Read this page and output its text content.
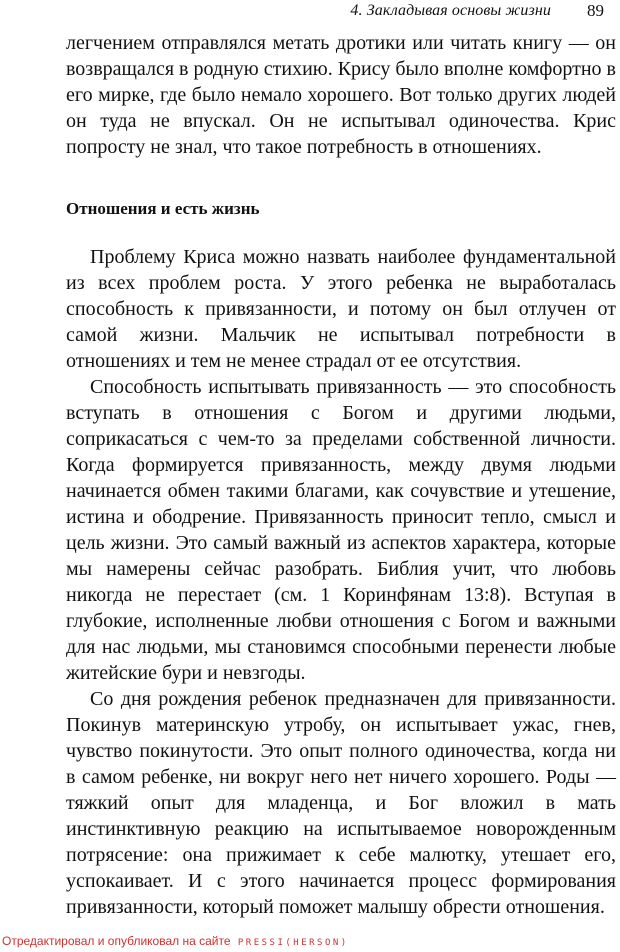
4. Закладывая основы жизни 89

легчением отправлялся метать дротики или читать книгу — он возвращался в родную стихию. Крису было вполне комфортно в его мирке, где было немало хорошего. Вот только других людей он туда не впускал. Он не испытывал одиночества. Крис попросту не знал, что такое потребность в отношениях.

Отношения и есть жизнь

Проблему Криса можно назвать наиболее фундаментальной из всех проблем роста. У этого ребенка не выработалась способность к привязанности, и потому он был отлучен от самой жизни. Мальчик не испытывал потребности в отношениях и тем не менее страдал от ее отсутствия.

Способность испытывать привязанность — это способность вступать в отношения с Богом и другими людьми, соприкасаться с чем-то за пределами собственной личности. Когда формируется привязанность, между двумя людьми начинается обмен такими благами, как сочувствие и утешение, истина и ободрение. Привязанность приносит тепло, смысл и цель жизни. Это самый важный из аспектов характера, которые мы намерены сейчас разобрать. Библия учит, что любовь никогда не перестает (см. 1 Коринфянам 13:8). Вступая в глубокие, исполненные любви отношения с Богом и важными для нас людьми, мы становимся способными перенести любые житейские бури и невзгоды.

Со дня рождения ребенок предназначен для привязанности. Покинув материнскую утробу, он испытывает ужас, гнев, чувство покинутости. Это опыт полного одиночества, когда ни в самом ребенке, ни вокруг него нет ничего хорошего. Роды — тяжкий опыт для младенца, и Бог вложил в мать инстинктивную реакцию на испытываемое новорожденным потрясение: она прижимает к себе малютку, утешает его, успокаивает. И с этого начинается процесс формирования привязанности, который поможет малышу обрести отношения.

Отредактировал и опубликовал на сайте PRESSI(HERSON)
